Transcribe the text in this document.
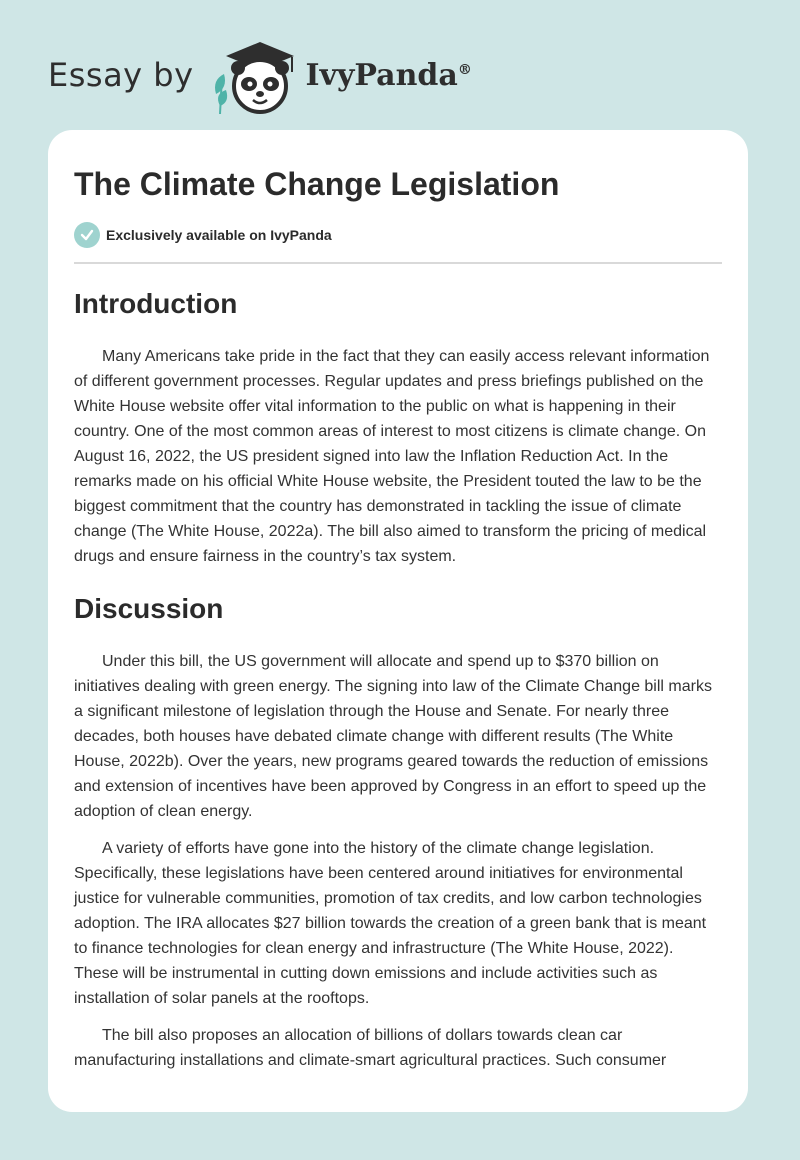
Essay by	IvyPanda®
The Climate Change Legislation
Exclusively available on IvyPanda
Introduction

Many Americans take pride in the fact that they can easily access relevant information of different government processes. Regular updates and press briefings published on the White House website offer vital information to the public on what is happening in their country. One of the most common areas of interest to most citizens is climate change. On August 16, 2022, the US president signed into law the Inflation Reduction Act. In the remarks made on his official White House website, the President touted the law to be the biggest commitment that the country has demonstrated in tackling the issue of climate change (The White House, 2022a). The bill also aimed to transform the pricing of medical drugs and ensure fairness in the country’s tax system.

Discussion

Under this bill, the US government will allocate and spend up to $370 billion on initiatives dealing with green energy. The signing into law of the Climate Change bill marks a significant milestone of legislation through the House and Senate. For nearly three decades, both houses have debated climate change with different results (The White House, 2022b). Over the years, new programs geared towards the reduction of emissions and extension of incentives have been approved by Congress in an effort to speed up the adoption of clean energy.

A variety of efforts have gone into the history of the climate change legislation. Specifically, these legislations have been centered around initiatives for environmental justice for vulnerable communities, promotion of tax credits, and low carbon technologies adoption. The IRA allocates $27 billion towards the creation of a green bank that is meant to finance technologies for clean energy and infrastructure (The White House, 2022). These will be instrumental in cutting down emissions and include activities such as installation of solar panels at the rooftops.

The bill also proposes an allocation of billions of dollars towards clean car manufacturing installations and climate-smart agricultural practices. Such consumer
